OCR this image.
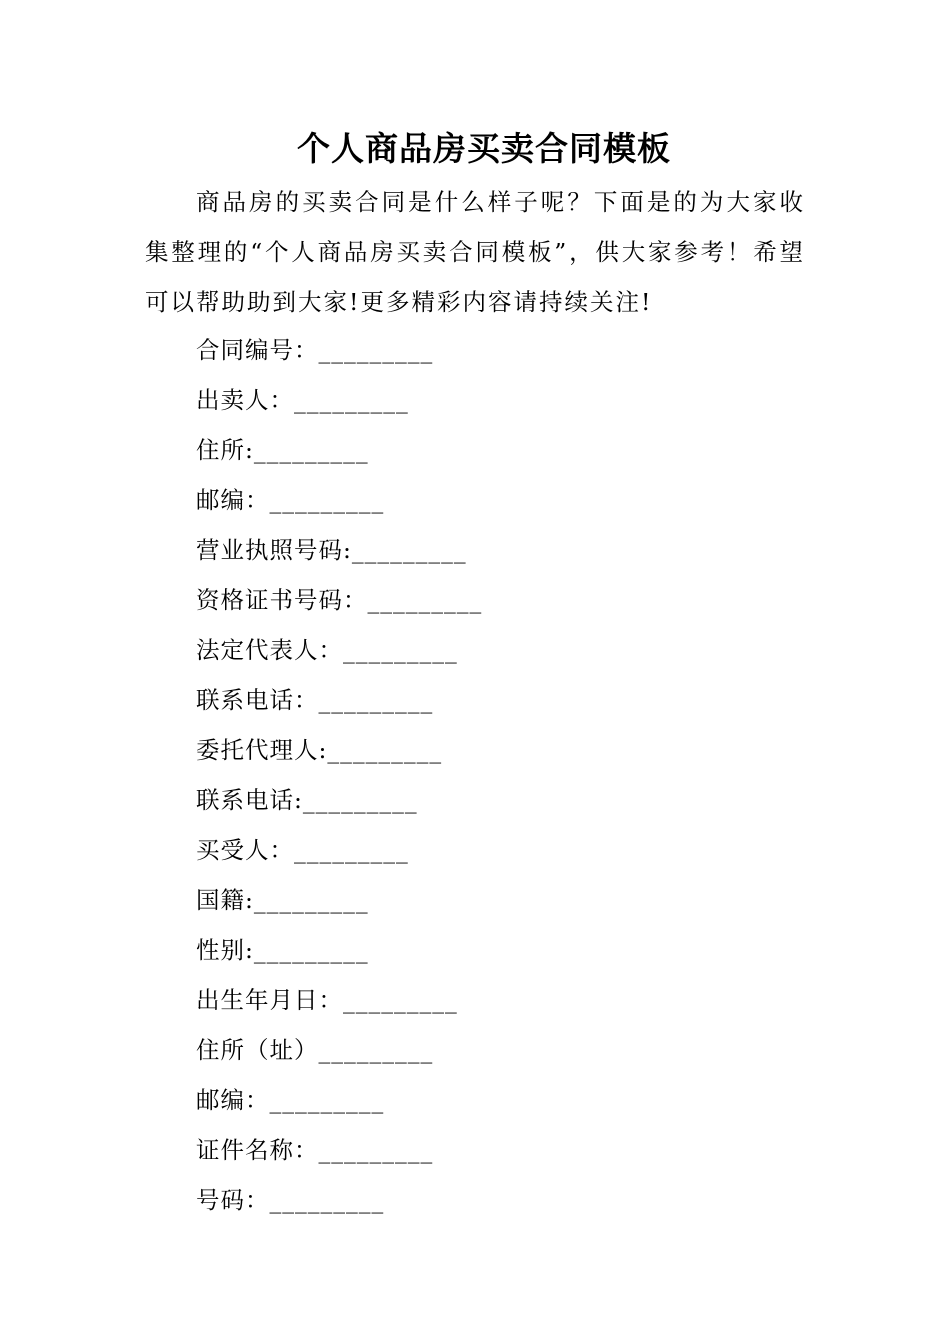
个人商品房买卖合同模板
商品房的买卖合同是什么样子呢？下面是的为大家收集整理的“个人商品房买卖合同模板”，供大家参考！希望可以帮助助到大家!更多精彩内容请持续关注!
合同编号：_________
出卖人：_________
住所:_________
邮编：_________
营业执照号码:_________
资格证书号码：_________
法定代表人：_________
联系电话：_________
委托代理人:_________
联系电话:_________
买受人：_________
国籍:_________
性别:_________
出生年月日：_________
住所（址）_________
邮编：_________
证件名称：_________
号码：_________
